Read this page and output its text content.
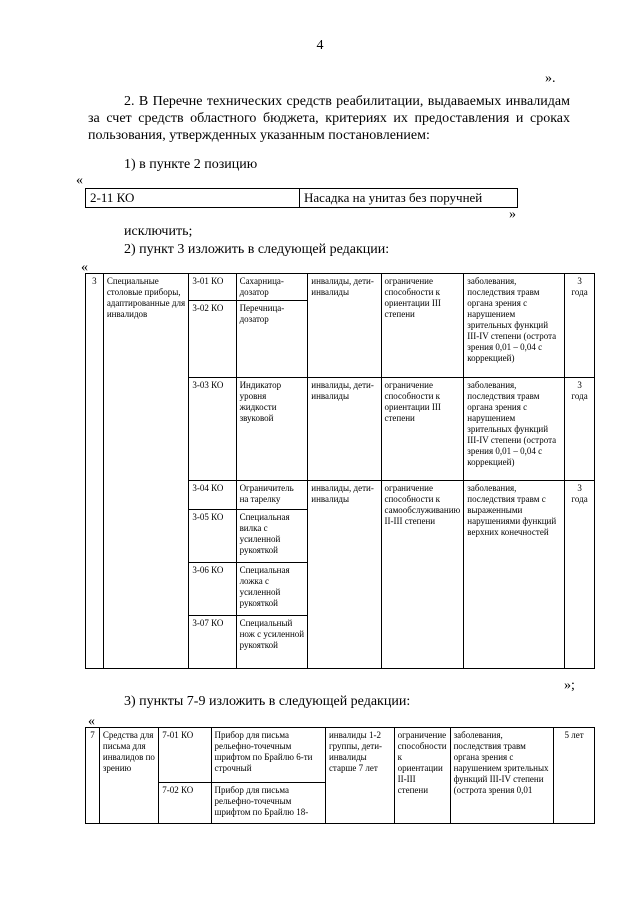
4
».
2. В Перечне технических средств реабилитации, выдаваемых инвалидам за счет средств областного бюджета, критериях их предоставления и сроках пользования, утвержденных указанным постановлением:
1) в пункте 2 позицию
«
2-11 КО	Насадка на унитаз без поручней
»
исключить;
2) пункт 3 изложить в следующей редакции:
«
3	Специальные столовые приборы, адаптированные для инвалидов	3-01 КО	Сахарница-дозатор	инвалиды, дети-инвалиды	ограничение способности к ориентации III степени	заболевания, последствия травм органа зрения с нарушением зрительных функций III-IV степени (острота зрения 0,01 – 0,04 с коррекцией)	3 года
		3-02 КО	Перечница-дозатор				
		3-03 КО	Индикатор уровня жидкости звуковой	инвалиды, дети-инвалиды	ограничение способности к ориентации III степени	заболевания, последствия травм органа зрения с нарушением зрительных функций III-IV степени (острота зрения 0,01 – 0,04 с коррекцией)	3 года
		3-04 КО	Ограничитель на тарелку	инвалиды, дети-инвалиды	ограничение способности к самообслуживанию II-III степени	заболевания, последствия травм с выраженными нарушениями функций верхних конечностей	3 года
		3-05 КО	Специальная вилка с усиленной рукояткой				
		3-06 КО	Специальная ложка с усиленной рукояткой				
		3-07 КО	Специальный нож с усиленной рукояткой				
»;
3) пункты 7-9 изложить в следующей редакции:
«
7	Средства для письма для инвалидов по зрению	7-01 КО	Прибор для письма рельефно-точечным шрифтом по Брайлю 6-ти строчный	инвалиды 1-2 группы, дети-инвалиды старше 7 лет	ограничение способности к ориентации II-III степени	заболевания, последствия травм органа зрения с нарушением зрительных функций III-IV степени (острота зрения 0,01	5 лет
		7-02 КО	Прибор для письма рельефно-точечным шрифтом по Брайлю 18-				
